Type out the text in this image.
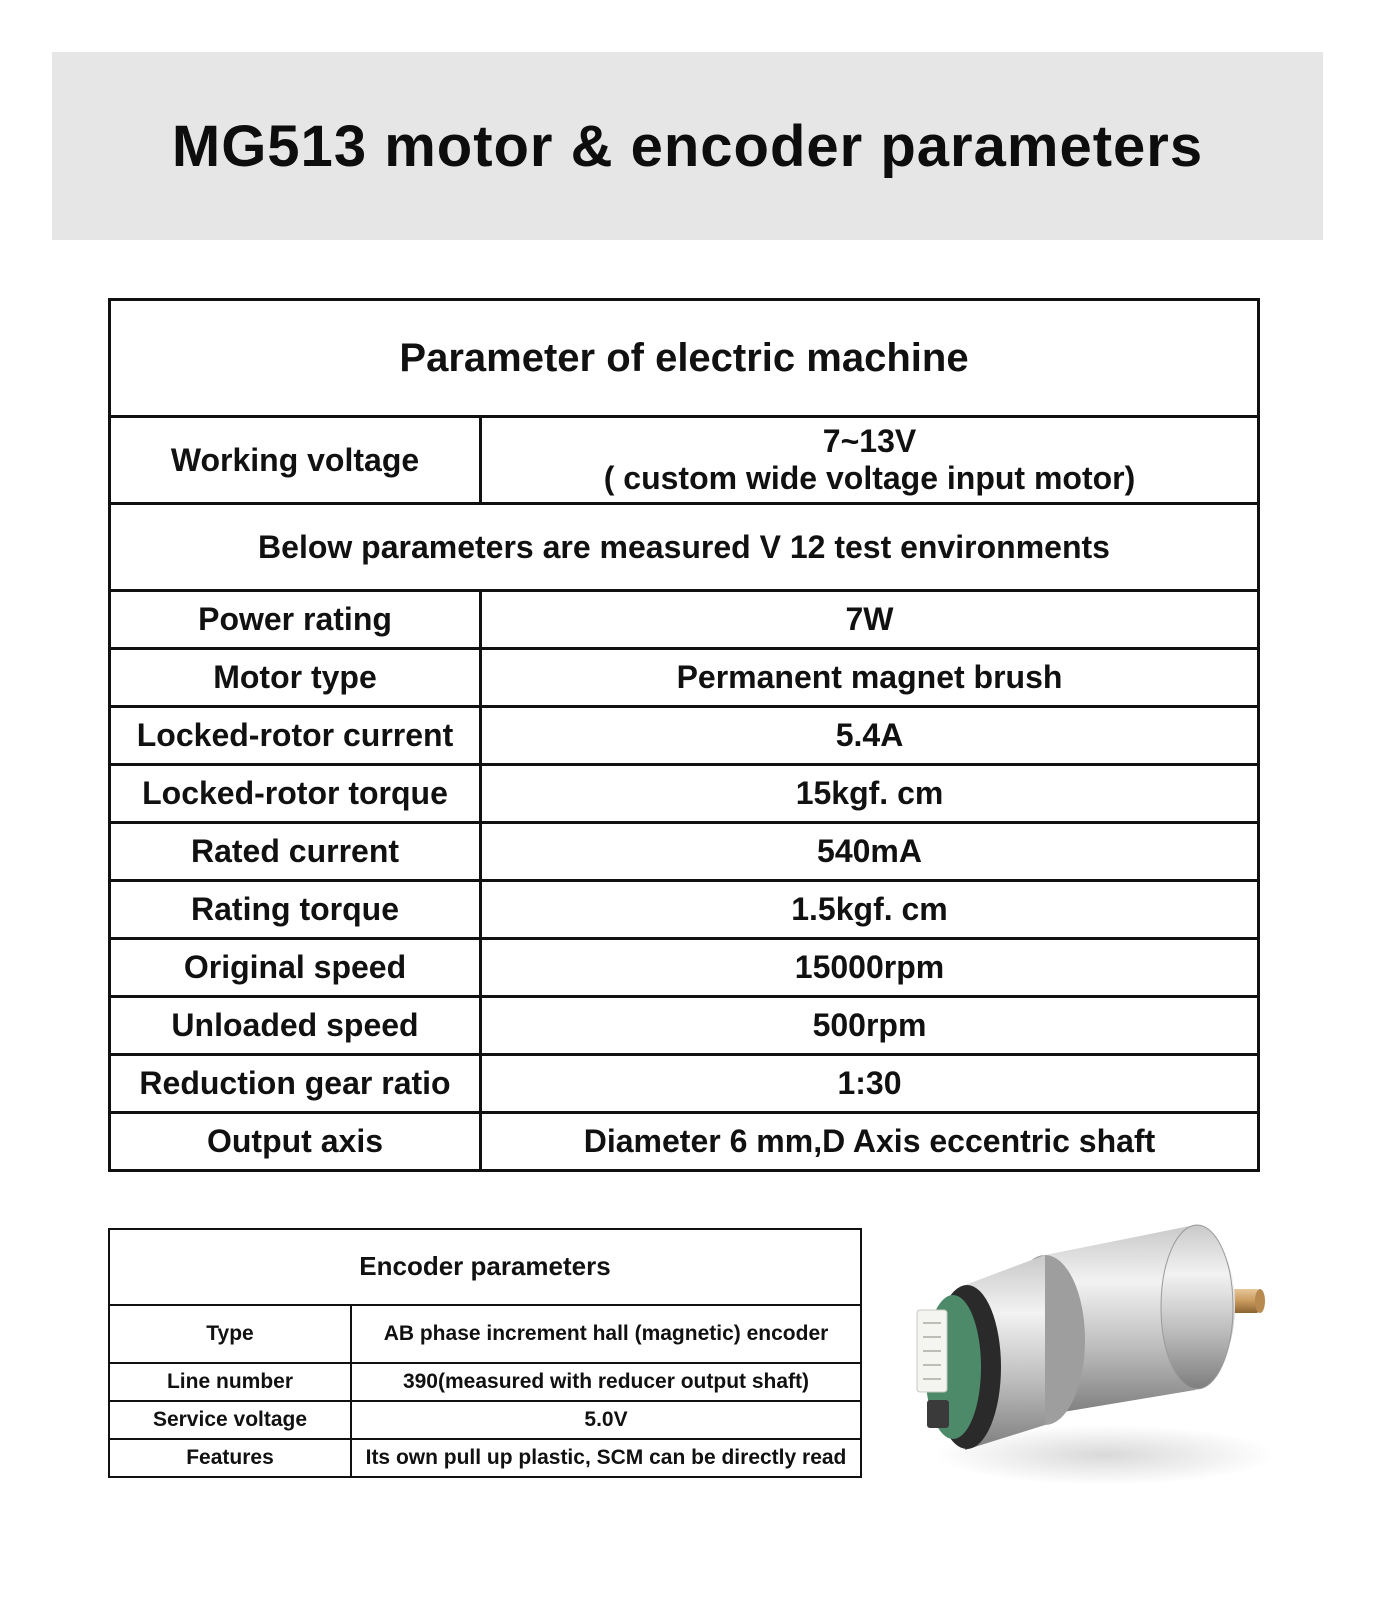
MG513 motor & encoder parameters
Parameter of electric machine	
Working voltage	7~13V
( custom wide voltage input motor)

Below parameters are measured V 12 test environments	
Power rating	7W
Motor type	Permanent magnet brush
Locked-rotor current	5.4A
Locked-rotor torque	15kgf. cm
Rated current	540mA
Rating torque	1.5kgf. cm
Original speed	15000rpm
Unloaded speed	500rpm
Reduction gear ratio	1:30
Output axis	Diameter 6 mm,D Axis eccentric shaft
Encoder parameters	
Type	AB phase increment hall (magnetic) encoder
Line number	390(measured with reducer output shaft)
Service voltage	5.0V
Features	Its own pull up plastic, SCM can be directly read
